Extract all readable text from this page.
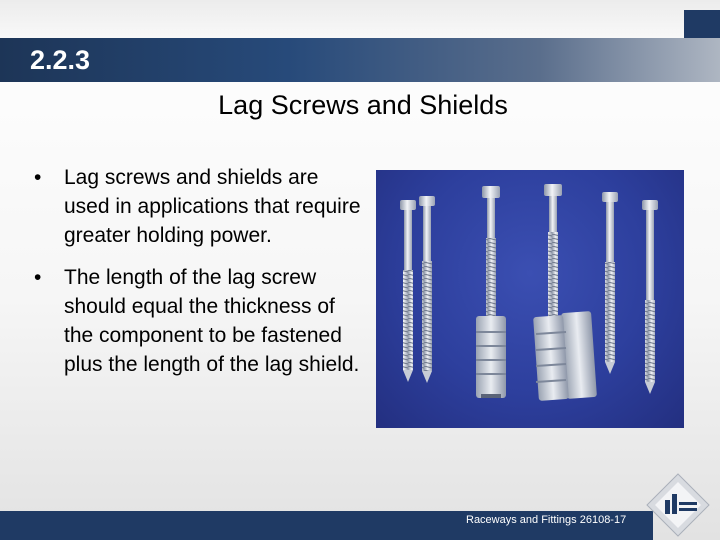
2.2.3
Lag Screws and Shields
• Lag screws and shields are used in applications that require greater holding power.
• The length of the lag screw should equal the thickness of the component to be fastened plus the length of the lag shield.
Raceways and Fittings 26108-17
